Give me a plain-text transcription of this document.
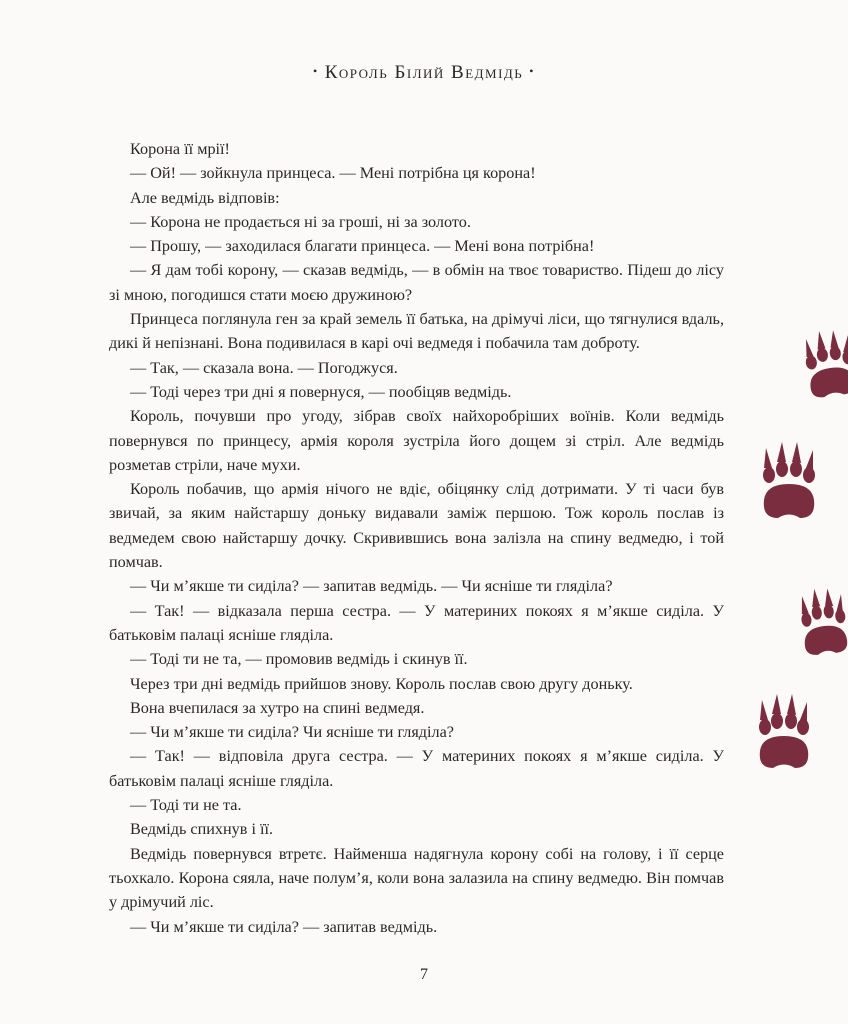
• Король Білий Ведмідь •

Корона її мрії!

— Ой! — зойкнула принцеса. — Мені потрібна ця корона!

Але ведмідь відповів:

— Корона не продається ні за гроші, ні за золото.

— Прошу, — заходилася благати принцеса. — Мені вона потрібна!

— Я дам тобі корону, — сказав ведмідь, — в обмін на твоє товариство. Підеш до лісу зі мною, погодишся стати моєю дружиною?

Принцеса поглянула ген за край земель її батька, на дрімучі ліси, що тягнулися вдаль, дикі й непізнані. Вона подивилася в карі очі ведмедя і побачила там доброту.

— Так, — сказала вона. — Погоджуся.

— Тоді через три дні я повернуся, — пообіцяв ведмідь.

Король, почувши про угоду, зібрав своїх найхоробріших воїнів. Коли ведмідь повернувся по принцесу, армія короля зустріла його дощем зі стріл. Але ведмідь розметав стріли, наче мухи.

Король побачив, що армія нічого не вдіє, обіцянку слід дотримати. У ті часи був звичай, за яким найстаршу доньку видавали заміж першою. Тож король послав із ведмедем свою найстаршу дочку. Скривившись вона залізла на спину ведмедю, і той помчав.

— Чи м’якше ти сиділа? — запитав ведмідь. — Чи ясніше ти гляділа?

— Так! — відказала перша сестра. — У материних покоях я м’якше сиділа. У батьковім палаці ясніше гляділа.

— Тоді ти не та, — промовив ведмідь і скинув її.

Через три дні ведмідь прийшов знову. Король послав свою другу доньку.

Вона вчепилася за хутро на спині ведмедя.

— Чи м’якше ти сиділа? Чи ясніше ти гляділа?

— Так! — відповіла друга сестра. — У материних покоях я м’якше сиділа. У батьковім палаці ясніше гляділа.

— Тоді ти не та.

Ведмідь спихнув і її.

Ведмідь повернувся втретє. Найменша надягнула корону собі на голову, і її серце тьохкало. Корона сяяла, наче полум’я, коли вона залазила на спину ведмедю. Він помчав у дрімучий ліс.

— Чи м’якше ти сиділа? — запитав ведмідь.

7
